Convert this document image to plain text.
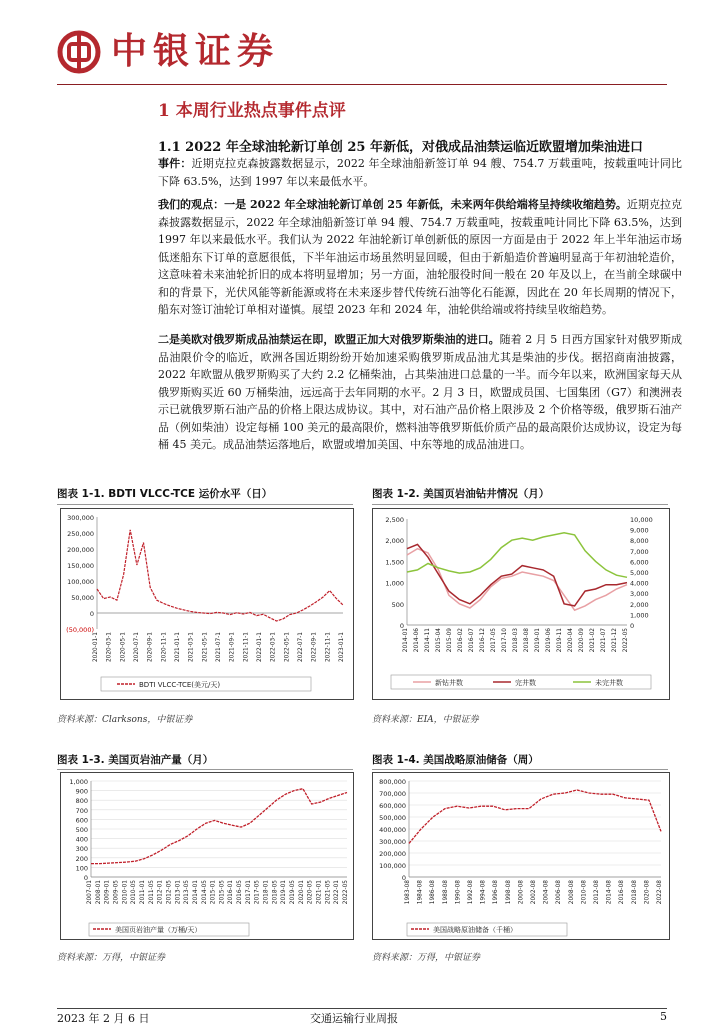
中银证券
1 本周行业热点事件点评
1.1 2022 年全球油轮新订单创 25 年新低，对俄成品油禁运临近欧盟增加柴油进口
事件：近期克拉克森披露数据显示，2022 年全球油船新签订单 94 艘、754.7 万载重吨，按载重吨计同比下降 63.5%，达到 1997 年以来最低水平。
我们的观点：一是 2022 年全球油轮新订单创 25 年新低，未来两年供给端将呈持续收缩趋势。近期克拉克森披露数据显示，2022 年全球油船新签订单 94 艘、754.7 万载重吨，按载重吨计同比下降 63.5%，达到 1997 年以来最低水平。我们认为 2022 年油轮新订单创新低的原因一方面是由于 2022 年上半年油运市场低迷船东下订单的意愿很低，下半年油运市场虽然明显回暖，但由于新船造价普遍明显高于年初油轮造价，这意味着未来油轮折旧的成本将明显增加；另一方面，油轮服役时间一般在 20 年及以上，在当前全球碳中和的背景下，光伏风能等新能源或将在未来逐步替代传统石油等化石能源，因此在 20 年长周期的情况下，船东对签订油轮订单相对谨慎。展望 2023 年和 2024 年，油轮供给端或将持续呈收缩趋势。
二是美欧对俄罗斯成品油禁运在即，欧盟正加大对俄罗斯柴油的进口。随着 2 月 5 日西方国家针对俄罗斯成品油限价令的临近，欧洲各国近期纷纷开始加速采购俄罗斯成品油尤其是柴油的步伐。据招商南油披露，2022 年欧盟从俄罗斯购买了大约 2.2 亿桶柴油，占其柴油进口总量的一半。而今年以来，欧洲国家每天从俄罗斯购买近 60 万桶柴油，远远高于去年同期的水平。2 月 3 日，欧盟成员国、七国集团（G7）和澳洲表示已就俄罗斯石油产品的价格上限达成协议。其中，对石油产品价格上限涉及 2 个价格等级，俄罗斯石油产品（例如柴油）设定每桶 100 美元的最高限价，燃料油等俄罗斯低价质产品的最高限价达成协议，设定为每桶 45 美元。成品油禁运落地后，欧盟或增加美国、中东等地的成品油进口。
图表 1-1. BDTI VLCC-TCE 运价水平（日）	图表 1-2. 美国页岩油钻井情况（月）
300,000
250,000
200,000
150,000
100,000
50,000
0
(50,000)
2020-01-1 2020-03-1 2020-05-1 2020-07-1 2020-09-1 2020-11-1 2021-01-1 2021-03-1 2021-05-1 2021-07-1 2021-09-1 2021-11-1 2022-01-1 2022-03-1 2022-05-1 2022-07-1 2022-09-1 2022-11-1 2023-01-1
BDTI VLCC-TCE(美元/天)
2,500
2,000
1,500
1,000
500
0
10,000
9,000
8,000
7,000
6,000
5,000
4,000
3,000
2,000
1,000
0
2014-01 2014-06 2014-11 2015-04 2015-09 2016-02 2016-07 2016-12 2017-05 2017-10 2018-03 2018-08 2019-01 2019-06 2019-11 2020-04 2020-09 2021-02 2021-07 2021-12 2022-05
新钻井数	完井数	未完井数
资料来源：Clarksons，中银证券	资料来源：EIA，中银证券
图表 1-3. 美国页岩油产量（月）	图表 1-4. 美国战略原油储备（周）
1,000
900
800
700
600
500
400
300
200
100
0
2007-01 2008-01 2009-01 2009-05 2010-01 2010-05 2011-01 2011-05 2012-01 2012-05 2013-01 2013-05 2014-01 2014-05 2015-01 2015-05 2016-01 2016-05 2017-01 2017-05 2018-01 2018-05 2019-01 2019-05 2020-01 2020-05 2021-01 2021-05 2022-01 2022-05
美国页岩油产量（万桶/天）
800,000
700,000
600,000
500,000
400,000
300,000
200,000
100,000
0
1983-08 1984-08 1986-08 1988-08 1990-08 1992-08 1994-08 1996-08 1998-08 2000-08 2002-08 2004-08 2006-08 2008-08 2010-08 2012-08 2014-08 2016-08 2018-08 2020-08 2022-08
美国战略原油储备（千桶）
资料来源：万得，中银证券	资料来源：万得，中银证券
2023 年 2 月 6 日	交通运输行业周报	5
